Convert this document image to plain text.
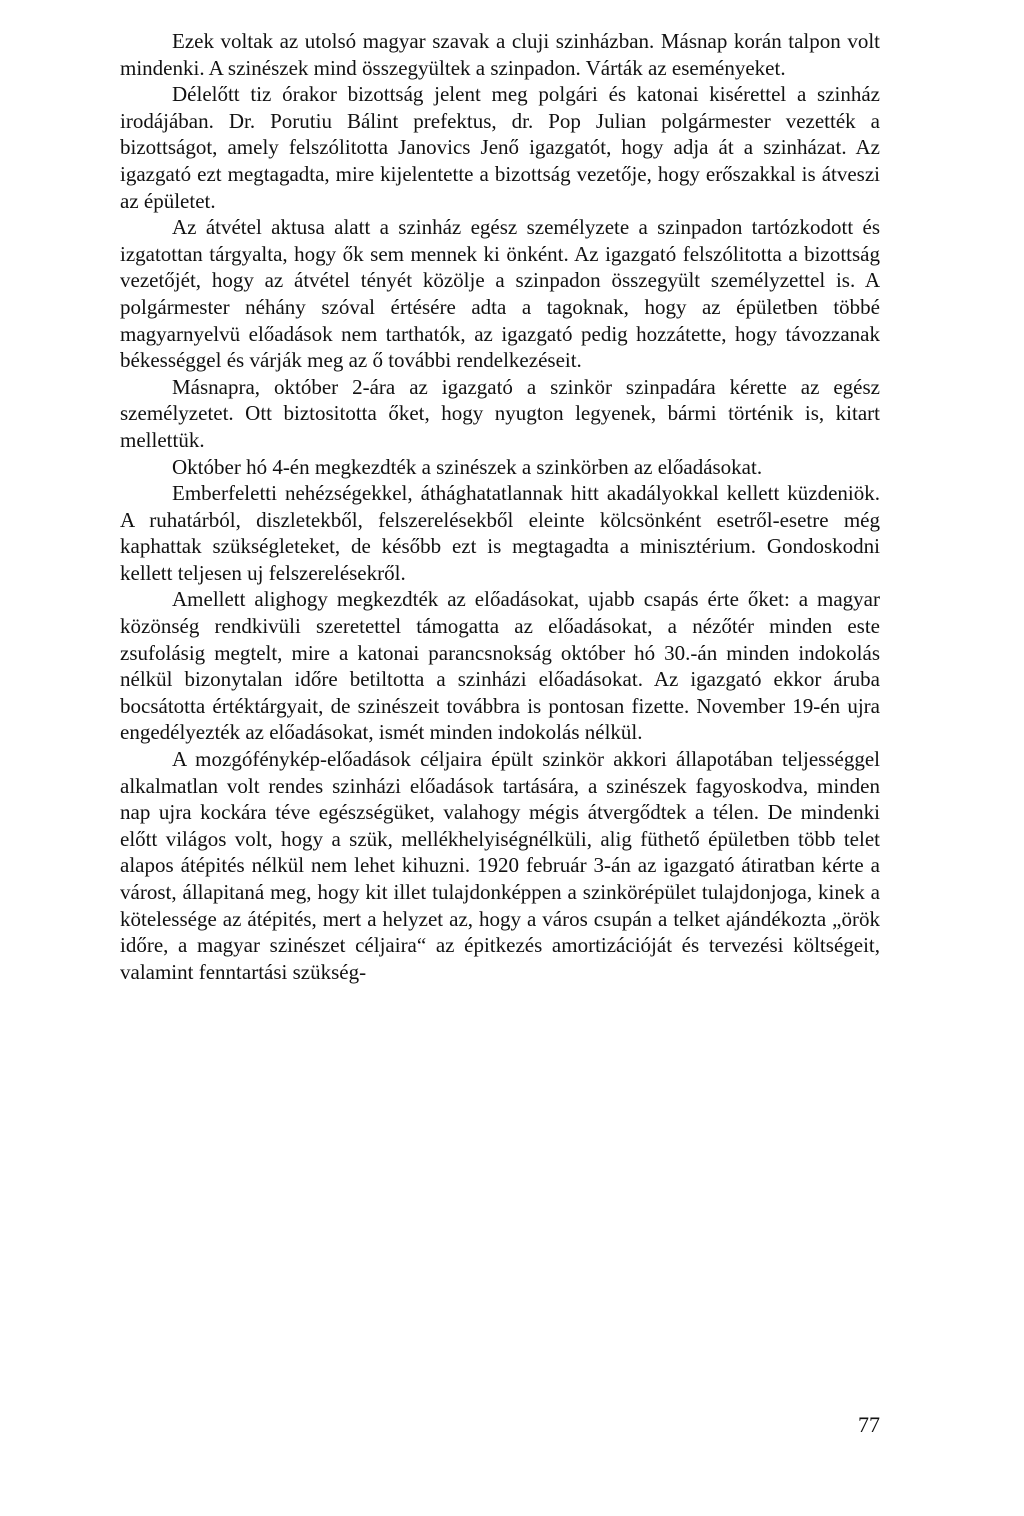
Ezek voltak az utolsó magyar szavak a cluji szinházban. Másnap korán talpon volt mindenki. A szinészek mind összegyültek a szinpadon. Várták az eseményeket.

Délelőtt tiz órakor bizottság jelent meg polgári és katonai kisérettel a szinház irodájában. Dr. Porutiu Bálint prefektus, dr. Pop Julian polgármester vezették a bizottságot, amely felszólitotta Janovics Jenő igazgatót, hogy adja át a szinházat. Az igazgató ezt megtagadta, mire kijelentette a bizottság vezetője, hogy erőszakkal is átveszi az épületet.

Az átvétel aktusa alatt a szinház egész személyzete a szinpadon tartózkodott és izgatottan tárgyalta, hogy ők sem mennek ki önként. Az igazgató felszólitotta a bizottság vezetőjét, hogy az átvétel tényét közölje a szinpadon összegyült személyzettel is. A polgármester néhány szóval értésére adta a tagoknak, hogy az épületben többé magyarnyelvü előadások nem tarthatók, az igazgató pedig hozzátette, hogy távozzanak békességgel és várják meg az ő további rendelkezéseit.

Másnapra, október 2-ára az igazgató a szinkör szinpadára kérette az egész személyzetet. Ott biztositotta őket, hogy nyugton legyenek, bármi történik is, kitart mellettük.

Október hó 4-én megkezdték a szinészek a szinkörben az előadásokat.

Emberfeletti nehézségekkel, áthághatatlannak hitt akadályokkal kellett küzdeniök. A ruhatárból, diszletekből, felszerelésekből eleinte kölcsönként esetről-esetre még kaphattak szükségleteket, de később ezt is megtagadta a minisztérium. Gondoskodni kellett teljesen uj felszerelésekről.

Amellett alighogy megkezdték az előadásokat, ujabb csapás érte őket: a magyar közönség rendkivüli szeretettel támogatta az előadásokat, a nézőtér minden este zsufolásig megtelt, mire a katonai parancsnokság október hó 30.-án minden indokolás nélkül bizonytalan időre betiltotta a szinházi előadásokat. Az igazgató ekkor áruba bocsátotta értéktárgyait, de szinészeit továbbra is pontosan fizette. November 19-én ujra engedélyezték az előadásokat, ismét minden indokolás nélkül.

A mozgófénykép-előadások céljaira épült szinkör akkori állapotában teljességgel alkalmatlan volt rendes szinházi előadások tartására, a szinészek fagyoskodva, minden nap ujra kockára téve egészségüket, valahogy mégis átvergődtek a télen. De mindenki előtt világos volt, hogy a szük, mellékhelyiségnélküli, alig füthető épületben több telet alapos átépités nélkül nem lehet kihuzni. 1920 február 3-án az igazgató átiratban kérte a várost, állapitaná meg, hogy kit illet tulajdonképpen a szinkörépület tulajdonjoga, kinek a kötelessége az átépités, mert a helyzet az, hogy a város csupán a telket ajándékozta „örök időre, a magyar szinészet céljaira“ az épitkezés amortizációját és tervezési költségeit, valamint fenntartási szükség-

77
